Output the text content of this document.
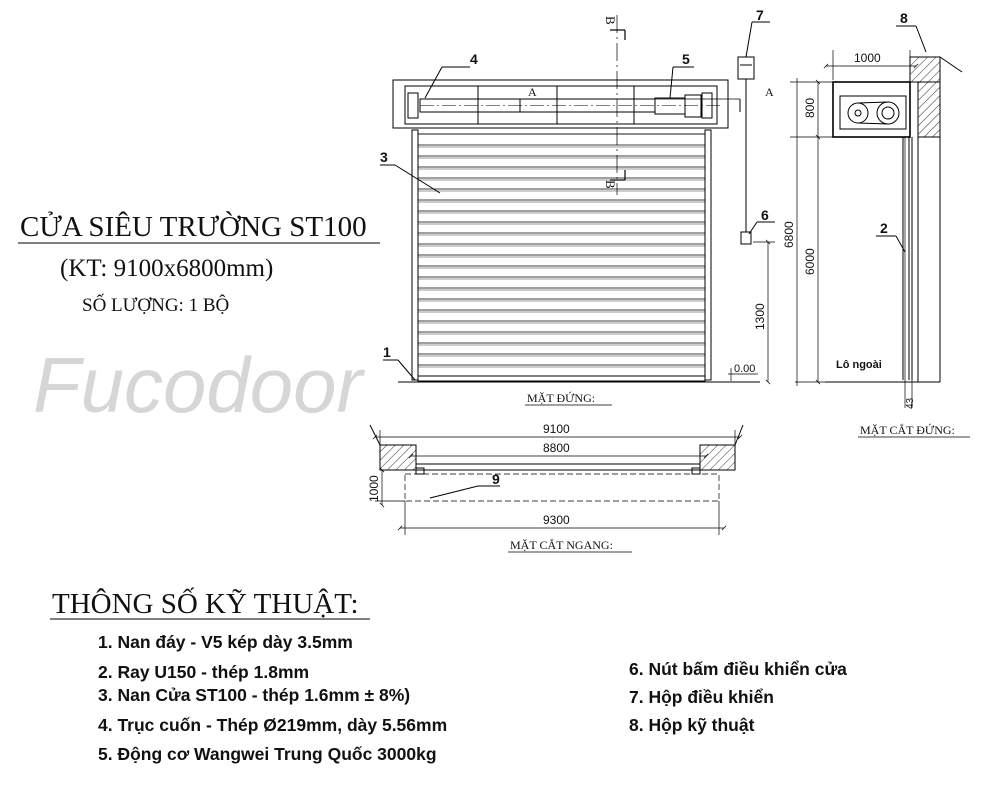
Fucodoor
CỬA SIÊU TRƯỜNG ST100
(KT: 9100x6800mm)
SỐ LƯỢNG: 1 BỘ
A	A
B
B
1300
0.00
4	5
3
1
7
6
MẶT ĐỨNG:	43
1000
800
6800
6000
Lô ngoài
8
2
MẶT CẮT ĐỨNG:
9100
8800
9300
1000	9
MẶT CẮT NGANG:
THÔNG SỐ KỸ THUẬT:
1. Nan đáy - V5 kép dày 3.5mm
2. Ray U150 - thép 1.8mm
3. Nan Cửa ST100 - thép 1.6mm ± 8%)
4. Trục cuốn - Thép Ø219mm, dày 5.56mm
5. Động cơ Wangwei Trung Quốc 3000kg
6. Nút bấm điều khiển cửa
7. Hộp điều khiển
8. Hộp kỹ thuật
